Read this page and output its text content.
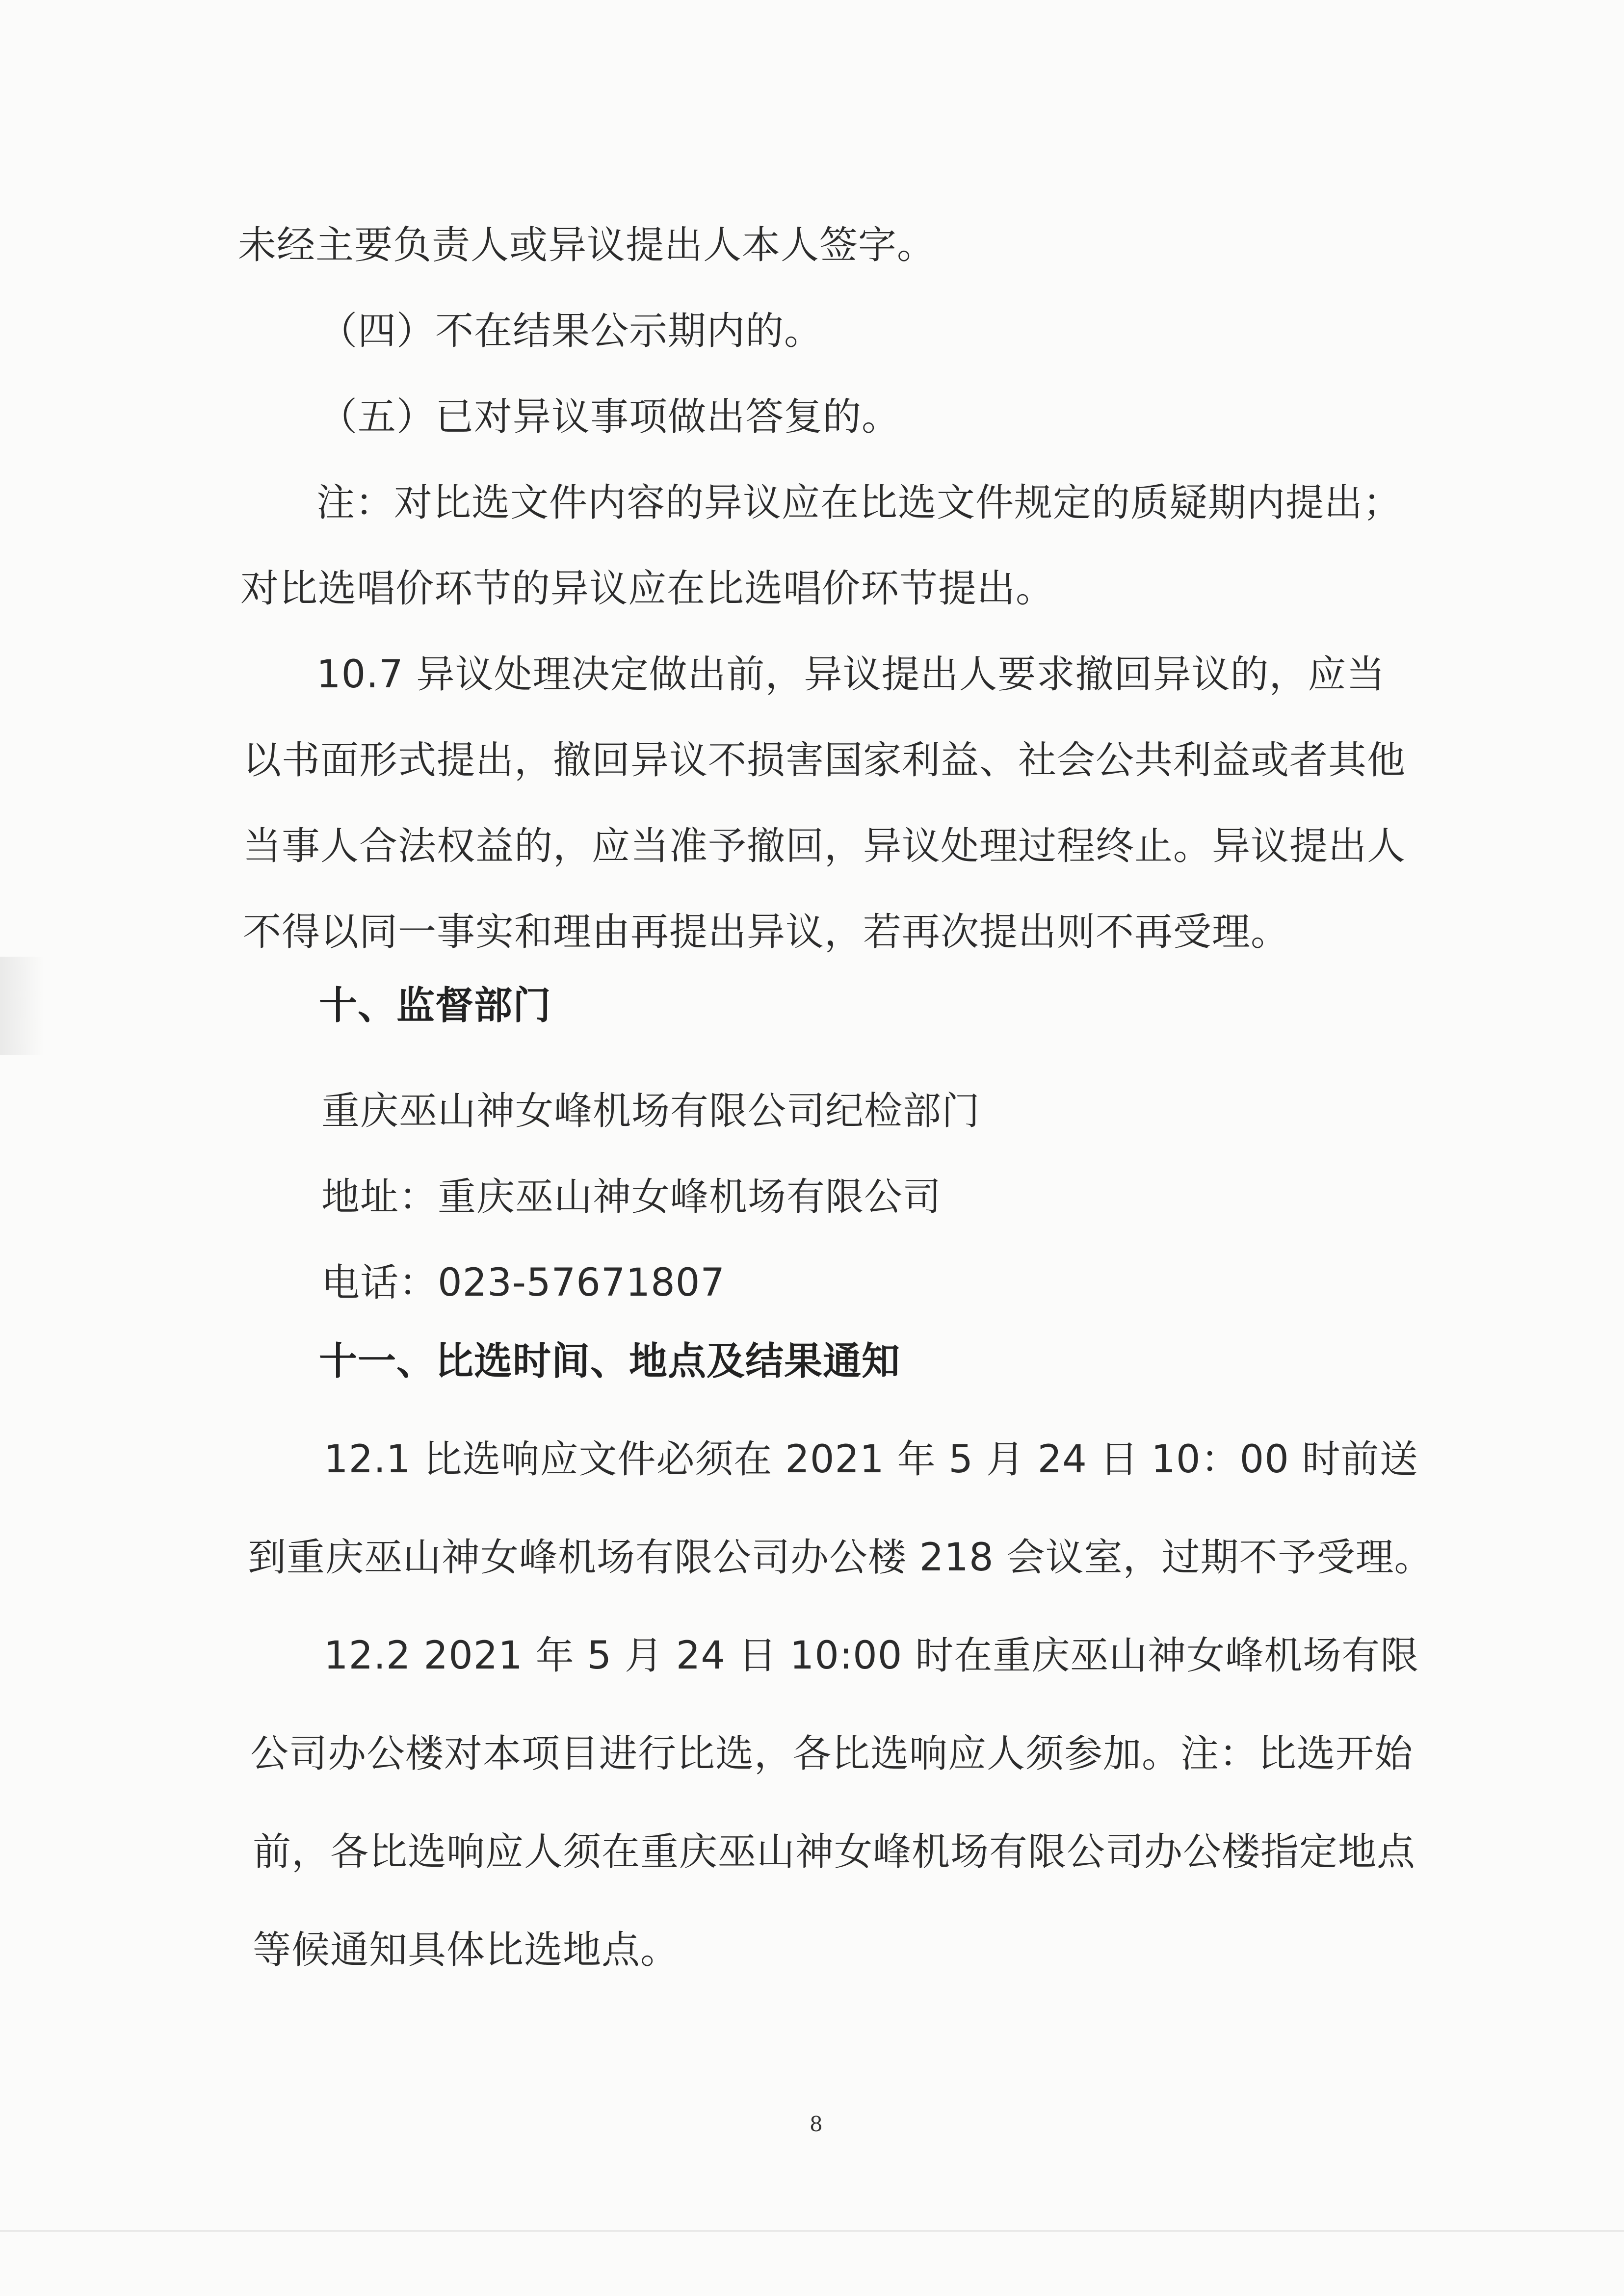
未经主要负责人或异议提出人本人签字。
（四）不在结果公示期内的。
（五）已对异议事项做出答复的。
注：对比选文件内容的异议应在比选文件规定的质疑期内提出；
对比选唱价环节的异议应在比选唱价环节提出。
10.7 异议处理决定做出前，异议提出人要求撤回异议的，应当
以书面形式提出，撤回异议不损害国家利益、社会公共利益或者其他
当事人合法权益的，应当准予撤回，异议处理过程终止。异议提出人
不得以同一事实和理由再提出异议，若再次提出则不再受理。
十、监督部门
重庆巫山神女峰机场有限公司纪检部门
地址：重庆巫山神女峰机场有限公司
电话：023-57671807
十一、比选时间、地点及结果通知
12.1 比选响应文件必须在 2021 年 5 月 24 日 10：00 时前送
到重庆巫山神女峰机场有限公司办公楼 218 会议室，过期不予受理。
12.2 2021 年 5 月 24 日 10:00 时在重庆巫山神女峰机场有限
公司办公楼对本项目进行比选，各比选响应人须参加。注：比选开始
前，各比选响应人须在重庆巫山神女峰机场有限公司办公楼指定地点
等候通知具体比选地点。
8
